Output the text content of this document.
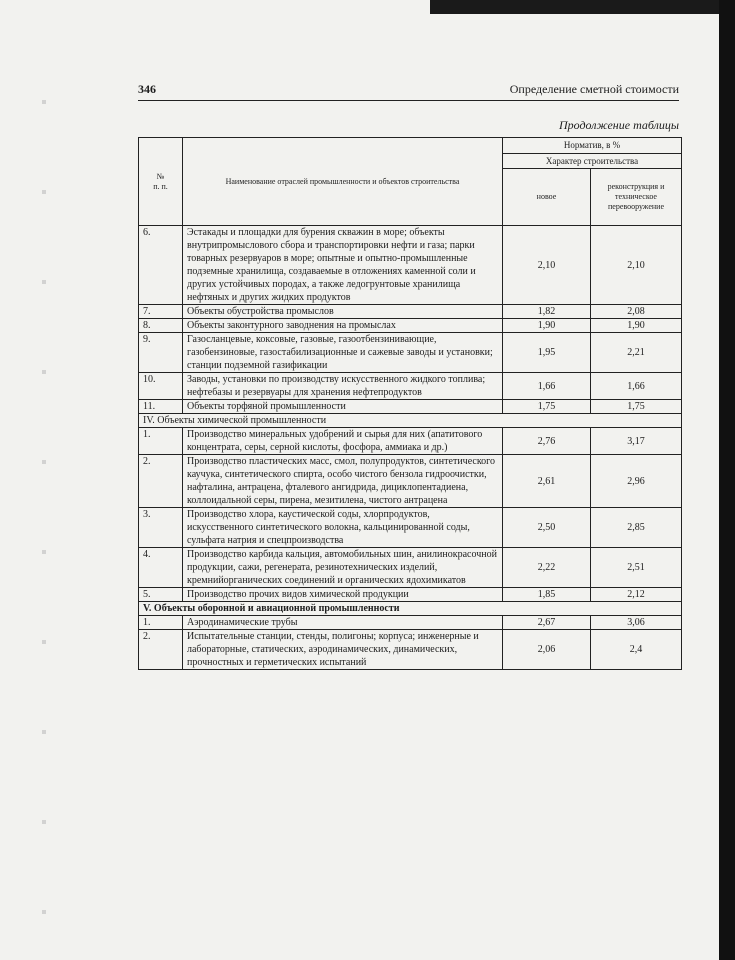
346	Определение сметной стоимости
Продолжение таблицы
№
п. п.	Наименование отраслей промышленности и объектов строительства	Норматив, в %	
		Характер строительства	
		новое	реконструкция и техническое перевооружение
6.	Эстакады и площадки для бурения скважин в море; объекты внутрипромыслового сбора и транспортировки нефти и газа; парки товарных резервуаров в море; опытные и опытно-промышленные подземные хранилища, создаваемые в отложениях каменной соли и других устойчивых породах, а также ледогрунтовые хранилища нефтяных и других жидких продуктов	2,10	2,10
7.	Объекты обустройства промыслов	1,82	2,08
8.	Объекты законтурного заводнения на промыслах	1,90	1,90
9.	Газосланцевые, коксовые, газовые, газоотбензинивающие, газобензиновые, газостабилизационные и сажевые заводы и установки; станции подземной газификации	1,95	2,21
10.	Заводы, установки по производству искусственного жидкого топлива; нефтебазы и резервуары для хранения нефтепродуктов	1,66	1,66
11.	Объекты торфяной промышленности	1,75	1,75
IV. Объекты химической промышленности			
1.	Производство минеральных удобрений и сырья для них (апатитового концентрата, серы, серной кислоты, фосфора, аммиака и др.)	2,76	3,17
2.	Производство пластических масс, смол, полупродуктов, синтетического каучука, синтетического спирта, особо чистого бензола гидроочистки, нафталина, антрацена, фталевого ангидрида, дициклопентадиена, коллоидальной серы, пирена, мезитилена, чистого антрацена	2,61	2,96
3.	Производство хлора, каустической соды, хлорпродуктов, искусственного синтетического волокна, кальцинированной соды, сульфата натрия и спецпроизводства	2,50	2,85
4.	Производство карбида кальция, автомобильных шин, анилинокрасочной продукции, сажи, регенерата, резинотехнических изделий, кремнийорганических соединений и органических ядохимикатов	2,22	2,51
5.	Производство прочих видов химической продукции	1,85	2,12
V. Объекты оборонной и авиационной промышленности			
1.	Аэродинамические трубы	2,67	3,06
2.	Испытательные станции, стенды, полигоны; корпуса; инженерные и лабораторные, статических, аэродинамических, динамических, прочностных и герметических испытаний	2,06	2,4
